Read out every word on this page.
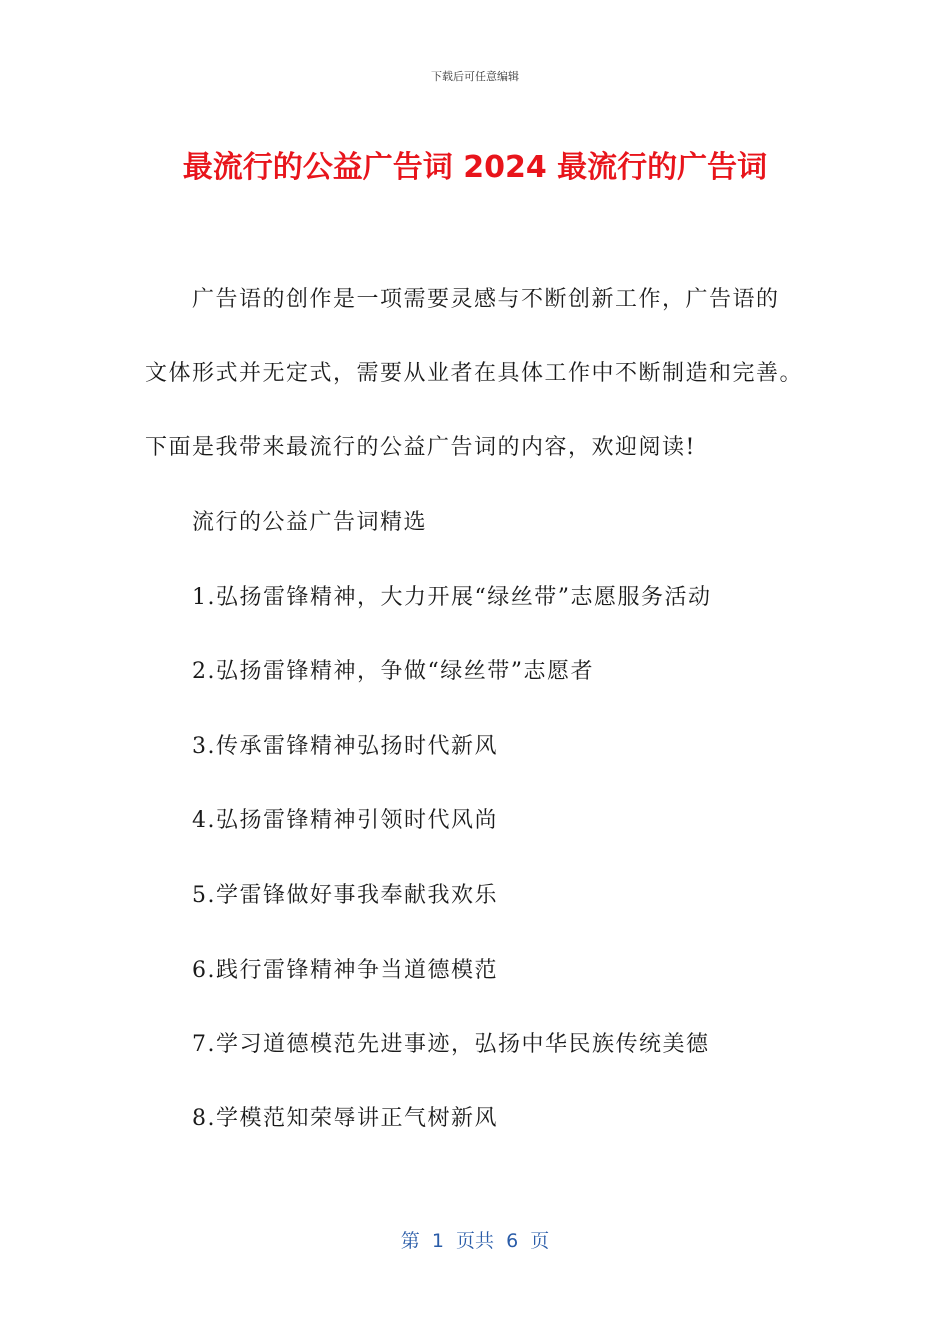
下载后可任意编辑
最流行的公益广告词 2024 最流行的广告词
广告语的创作是一项需要灵感与不断创新工作，广告语的
文体形式并无定式，需要从业者在具体工作中不断制造和完善。
下面是我带来最流行的公益广告词的内容，欢迎阅读!
流行的公益广告词精选
1.弘扬雷锋精神，大力开展“绿丝带”志愿服务活动
2.弘扬雷锋精神，争做“绿丝带”志愿者
3.传承雷锋精神弘扬时代新风
4.弘扬雷锋精神引领时代风尚
5.学雷锋做好事我奉献我欢乐
6.践行雷锋精神争当道德模范
7.学习道德模范先进事迹，弘扬中华民族传统美德
8.学模范知荣辱讲正气树新风
第  1  页共  6  页
